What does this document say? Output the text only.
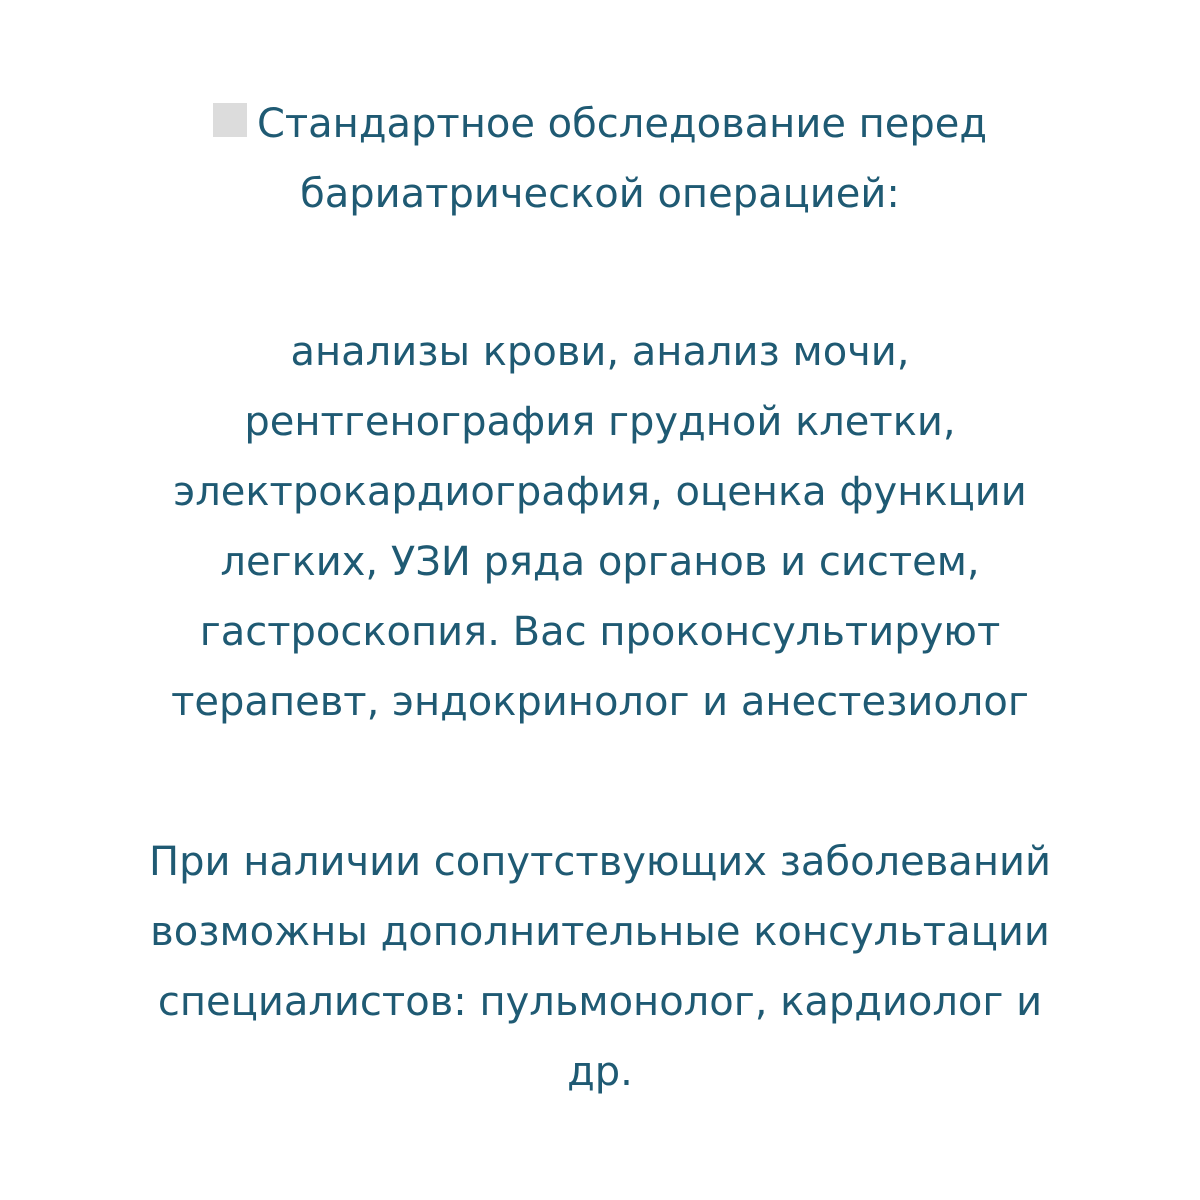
Стандартное обследование перед
бариатрической операцией:
анализы крови, анализ мочи,
рентгенография грудной клетки,
электрокардиография, оценка функции
легких, УЗИ ряда органов и систем,
гастроскопия. Вас проконсультируют
терапевт, эндокринолог и анестезиолог
При наличии сопутствующих заболеваний
возможны дополнительные консультации
специалистов: пульмонолог, кардиолог и
др.
